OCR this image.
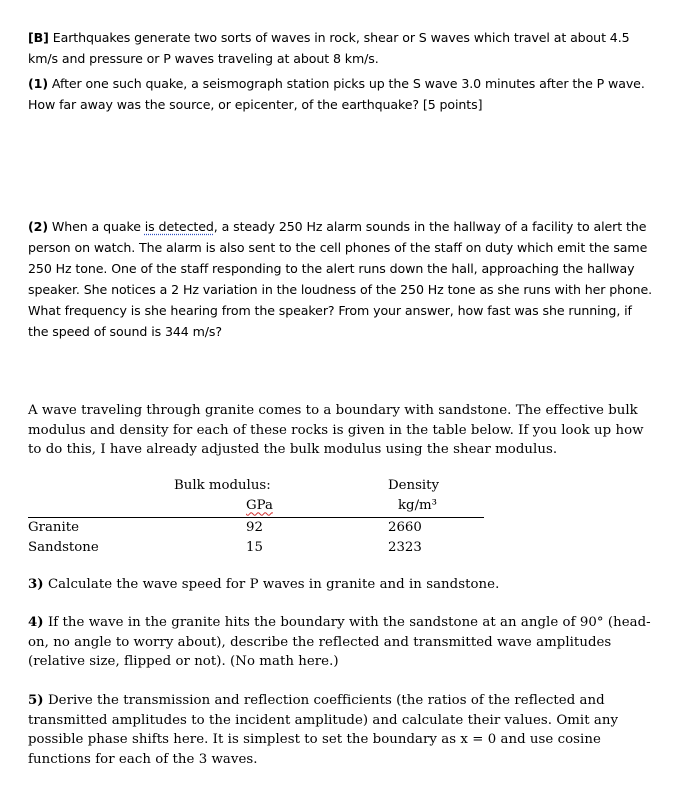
[B] Earthquakes generate two sorts of waves in rock, shear or S waves which travel at about 4.5 km/s and pressure or P waves traveling at about 8 km/s.

(1) After one such quake, a seismograph station picks up the S wave 3.0 minutes after the P wave. How far away was the source, or epicenter, of the earthquake? [5 points]

(2) When a quake is detected, a steady 250 Hz alarm sounds in the hallway of a facility to alert the person on watch. The alarm is also sent to the cell phones of the staff on duty which emit the same 250 Hz tone. One of the staff responding to the alert runs down the hall, approaching the hallway speaker. She notices a 2 Hz variation in the loudness of the 250 Hz tone as she runs with her phone. What frequency is she hearing from the speaker? From your answer, how fast was she running, if the speed of sound is 344 m/s?

A wave traveling through granite comes to a boundary with sandstone. The effective bulk modulus and density for each of these rocks is given in the table below. If you look up how to do this, I have already adjusted the bulk modulus using the shear modulus.

	Bulk modulus:	Density
	GPa	kg/m³
Granite	92	2660
Sandstone	15	2323

3) Calculate the wave speed for P waves in granite and in sandstone.

4) If the wave in the granite hits the boundary with the sandstone at an angle of 90° (head-on, no angle to worry about), describe the reflected and transmitted wave amplitudes (relative size, flipped or not). (No math here.)

5) Derive the transmission and reflection coefficients (the ratios of the reflected and transmitted amplitudes to the incident amplitude) and calculate their values. Omit any possible phase shifts here. It is simplest to set the boundary as x = 0 and use cosine functions for each of the 3 waves.
